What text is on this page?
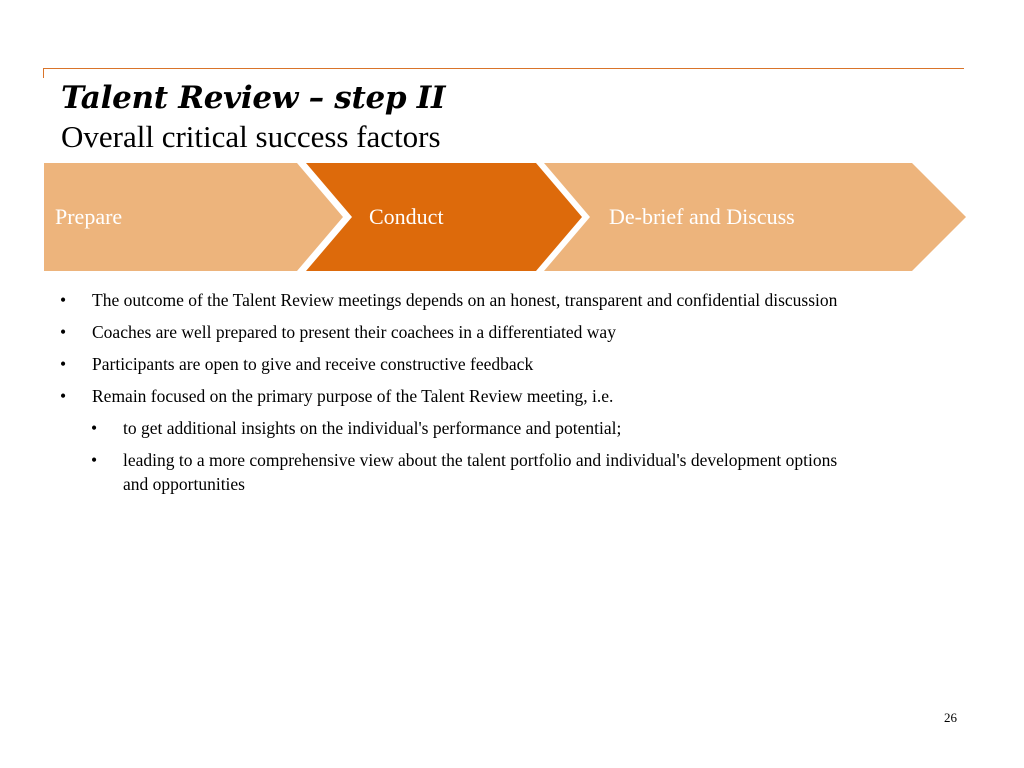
Talent Review – step II
Overall critical success factors
Prepare	Conduct	De-brief and Discuss
• The outcome of the Talent Review meetings depends on an honest, transparent and confidential discussion
• Coaches are well prepared to present their coachees in a differentiated way
• Participants are open to give and receive constructive feedback
• Remain focused on the primary purpose of the Talent Review meeting, i.e.
• to get additional insights on the individual's performance and potential;
• leading to a more comprehensive view about the talent portfolio and individual's development options and opportunities
26
